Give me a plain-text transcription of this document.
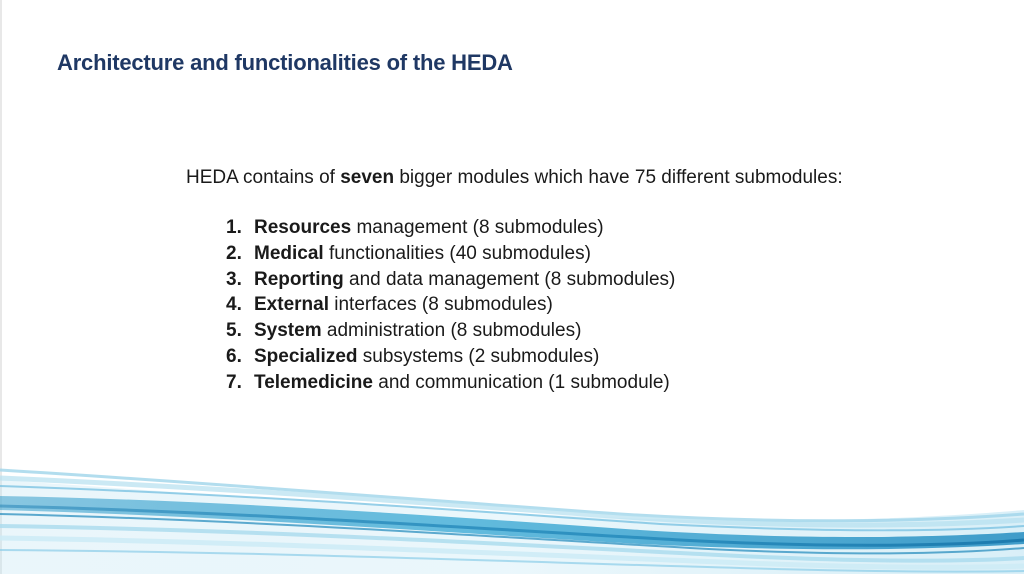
Architecture and functionalities of the HEDA

HEDA contains of seven bigger modules which have 75 different submodules:

1. Resources management (8 submodules)
2. Medical functionalities (40 submodules)
3. Reporting and data management (8 submodules)
4. External interfaces (8 submodules)
5. System administration (8 submodules)
6. Specialized subsystems (2 submodules)
7. Telemedicine and communication (1 submodule)
